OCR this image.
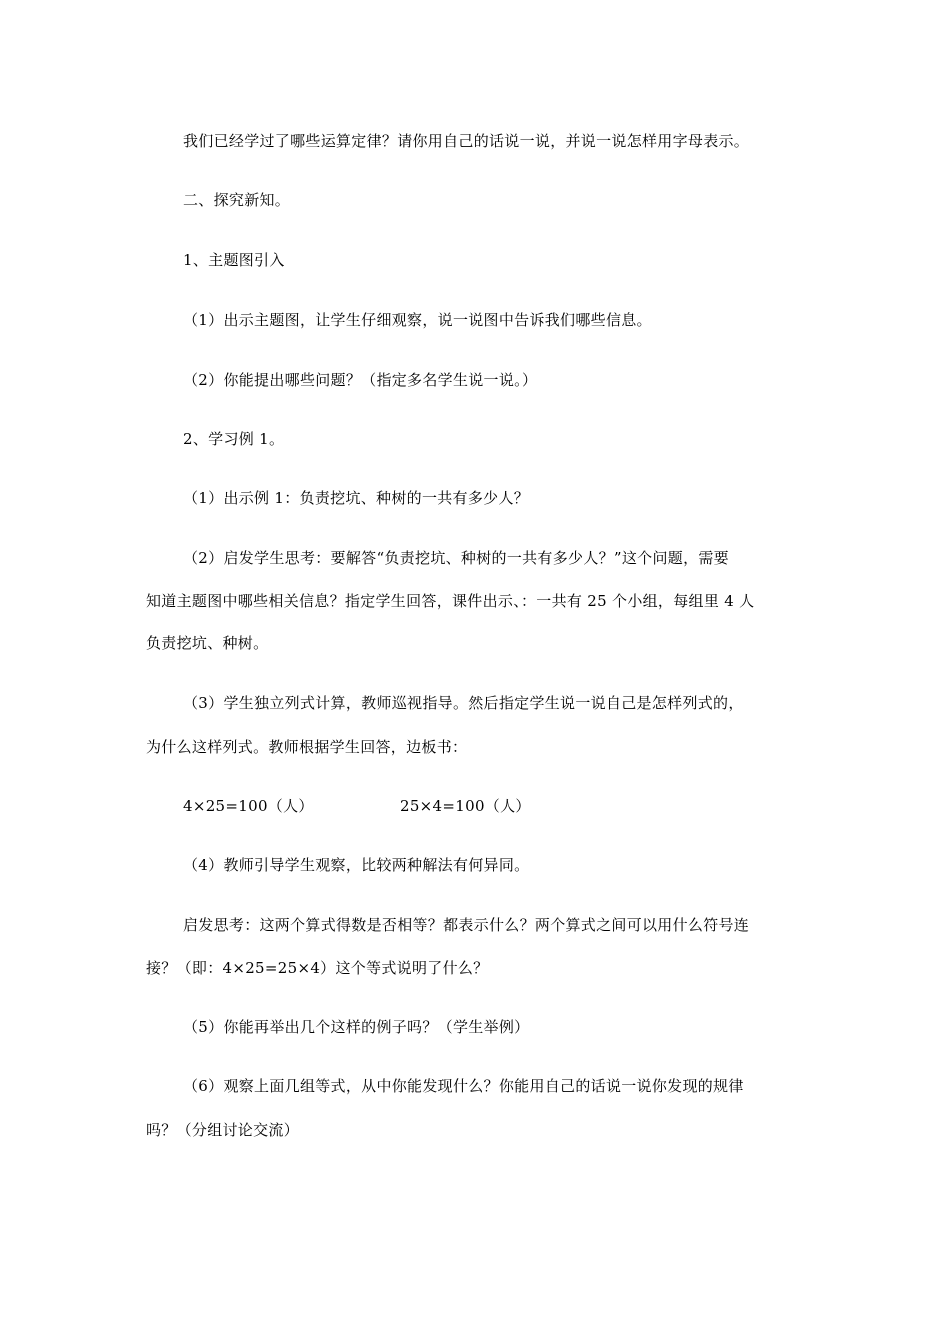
我们已经学过了哪些运算定律？请你用自己的话说一说，并说一说怎样用字母表示。
二、探究新知。
1、主题图引入
（1）出示主题图，让学生仔细观察，说一说图中告诉我们哪些信息。
（2）你能提出哪些问题？（指定多名学生说一说。）
2、学习例 1。
（1）出示例 1：负责挖坑、种树的一共有多少人？
（2）启发学生思考：要解答“负责挖坑、种树的一共有多少人？”这个问题，需要
知道主题图中哪些相关信息？指定学生回答，课件出示、：一共有 25 个小组，每组里 4 人
负责挖坑、种树。
（3）学生独立列式计算，教师巡视指导。然后指定学生说一说自己是怎样列式的，
为什么这样列式。教师根据学生回答，边板书：
4×25=100（人）	25×4=100（人）
（4）教师引导学生观察，比较两种解法有何异同。
启发思考：这两个算式得数是否相等？都表示什么？两个算式之间可以用什么符号连
接？（即：4×25=25×4）这个等式说明了什么？
（5）你能再举出几个这样的例子吗？（学生举例）
（6）观察上面几组等式，从中你能发现什么？你能用自己的话说一说你发现的规律
吗？（分组讨论交流）
